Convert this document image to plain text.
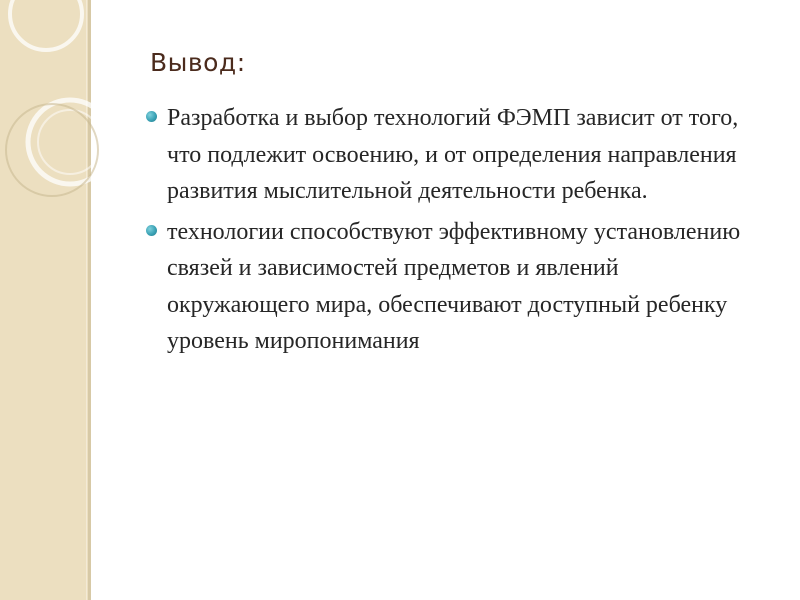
Вывод:
Разработка и выбор технологий ФЭМП зависит от того, что подлежит освоению, и от определения направления развития мыслительной деятельности ребенка.
технологии способствуют эффективному установлению связей и зависимостей предметов и явлений окружающего мира, обеспечивают доступный ребенку уровень миропонимания
